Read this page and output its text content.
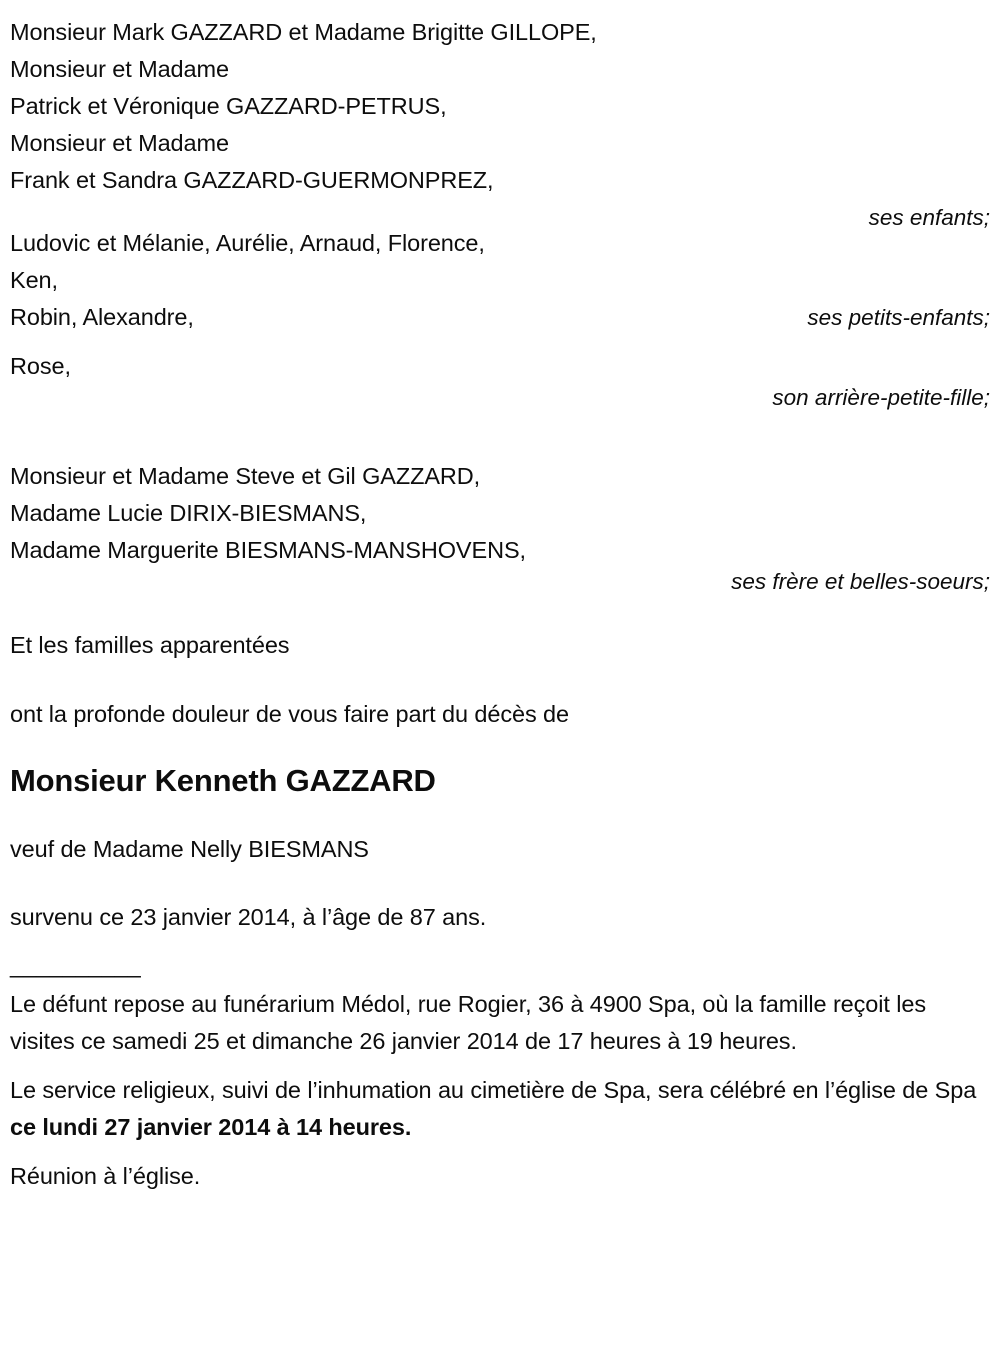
Monsieur Mark GAZZARD et Madame Brigitte GILLOPE,
Monsieur et Madame
Patrick et Véronique GAZZARD-PETRUS,
Monsieur et Madame
Frank et Sandra GAZZARD-GUERMONPREZ,
ses enfants;
Ludovic et Mélanie, Aurélie, Arnaud, Florence,
Ken,
Robin, Alexandre,	ses petits-enfants;
Rose,
son arrière-petite-fille;
Monsieur et Madame Steve et Gil GAZZARD,
Madame Lucie DIRIX-BIESMANS,
Madame Marguerite BIESMANS-MANSHOVENS,
ses frère et belles-soeurs;
Et les familles apparentées
ont la profonde douleur de vous faire part du décès de
Monsieur Kenneth GAZZARD
veuf de Madame Nelly BIESMANS
survenu ce 23 janvier 2014, à l’âge de 87 ans.
__________
Le défunt repose au funérarium Médol, rue Rogier, 36 à 4900 Spa, où la famille reçoit les visites ce samedi 25 et dimanche 26 janvier 2014 de 17 heures à 19 heures.
Le service religieux, suivi de l’inhumation au cimetière de Spa, sera célébré en l’église de Spa ce lundi 27 janvier 2014 à 14 heures.
Réunion à l’église.
